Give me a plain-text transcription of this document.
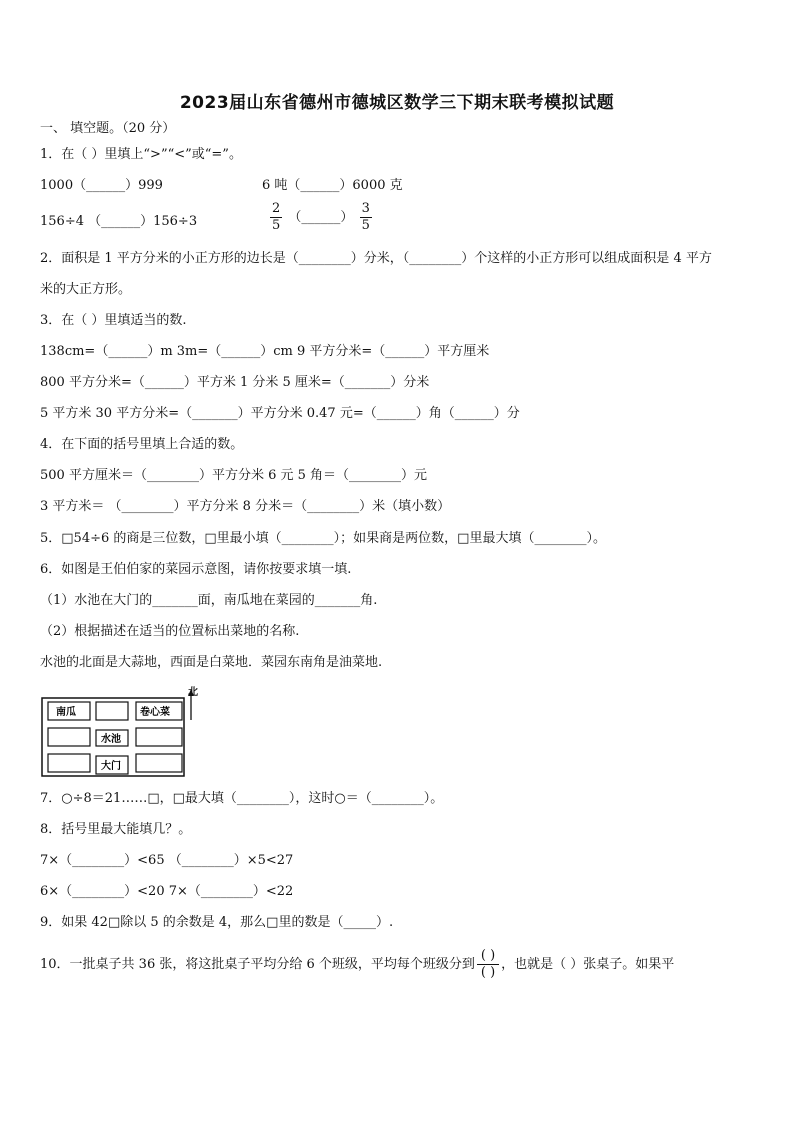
2023届山东省德州市德城区数学三下期末联考模拟试题
一、 填空题。（20 分）
1．在（ ）里填上“>”“<”或“=”。
1000（______）999	6 吨（______）6000 克
156÷4 （______）156÷3	$\frac{2}{5}$ （______） $\frac{3}{5}$
2．面积是 1 平方分米的小正方形的边长是（________）分米，（________）个这样的小正方形可以组成面积是 4 平方
米的大正方形。
3．在（ ）里填适当的数.
138cm=（______）m 3m=（______）cm 9 平方分米=（______）平方厘米
800 平方分米=（______）平方米 1 分米 5 厘米=（_______）分米
5 平方米 30 平方分米=（_______）平方分米 0.47 元=（______）角（______）分
4．在下面的括号里填上合适的数。
500 平方厘米＝（________）平方分米 6 元 5 角＝（________）元
3 平方米＝ （________）平方分米 8 分米＝（________）米（填小数）
5．□54÷6 的商是三位数，□里最小填（________）；如果商是两位数，□里最大填（________）。
6．如图是王伯伯家的菜园示意图，请你按要求填一填.
（1）水池在大门的_______面，南瓜地在菜园的_______角.
（2）根据描述在适当的位置标出菜地的名称.
水池的北面是大蒜地，西面是白菜地．菜园东南角是油菜地.
南瓜	卷心菜
水池
大门
北
7．○÷8＝21……□，□最大填（________），这时○＝（________）。
8．括号里最大能填几？。
7×（________）<65 （________）×5<27
6×（________）<20 7×（________）<22
9．如果 42□除以 5 的余数是 4，那么□里的数是（_____）.
10．一批桌子共 36 张，将这批桌子平均分给 6 个班级，平均每个班级分到 $\frac{( )}{( )}$ ，也就是（ ）张桌子。如果平
